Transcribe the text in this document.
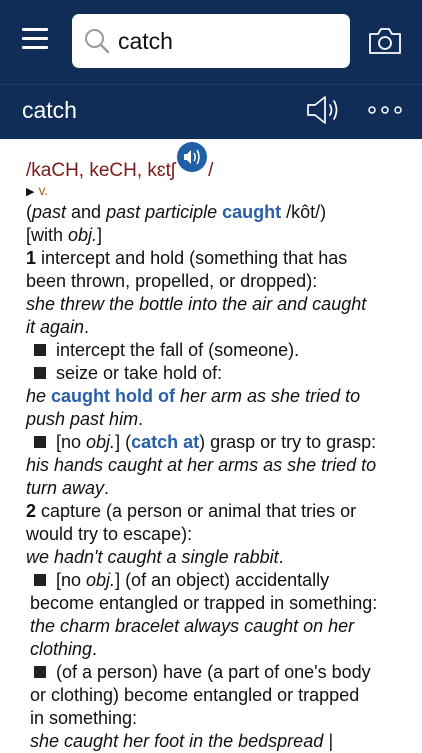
catch
catch
/kaCH, keCH, kɛtʃ /
▶ v.
(past and past participle caught /kôt/)
[with obj.]
1 intercept and hold (something that has
been thrown, propelled, or dropped):
she threw the bottle into the air and caught
it again.
intercept the fall of (someone).
seize or take hold of:
he caught hold of her arm as she tried to
push past him.
[no obj.] (catch at) grasp or try to grasp:
his hands caught at her arms as she tried to
turn away.
2 capture (a person or animal that tries or
would try to escape):
we hadn't caught a single rabbit.
[no obj.] (of an object) accidentally
become entangled or trapped in something:
the charm bracelet always caught on her
clothing.
(of a person) have (a part of one's body
or clothing) become entangled or trapped
in something:
she caught her foot in the bedspread |
